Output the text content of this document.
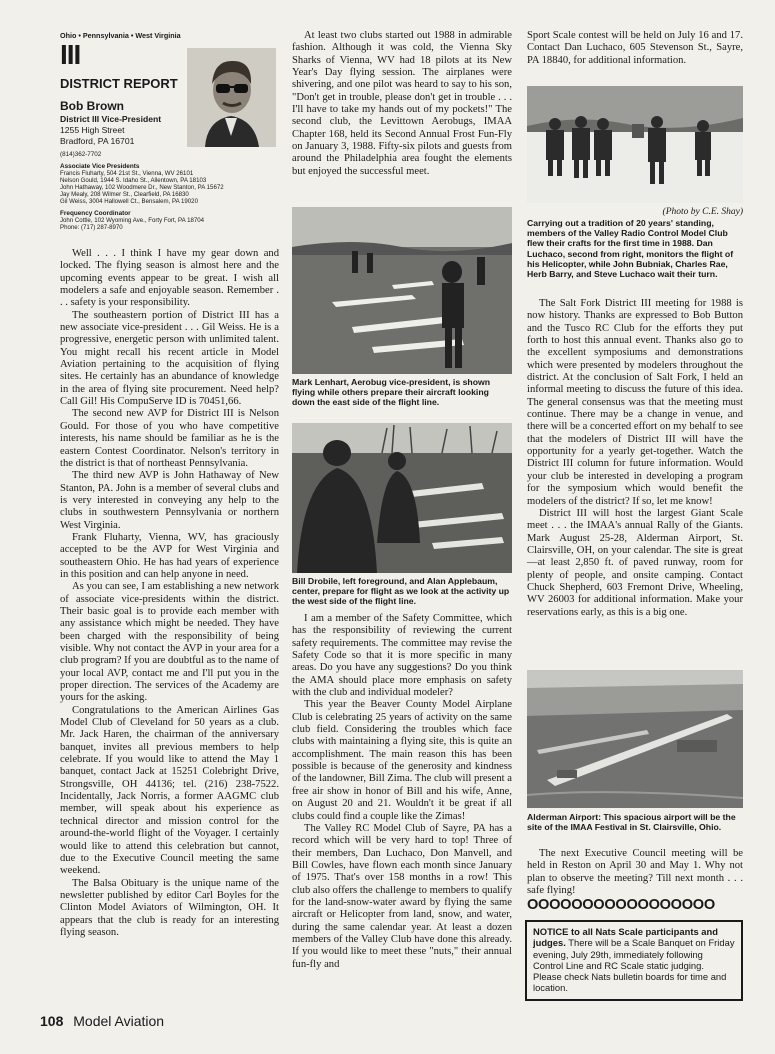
Ohio • Pennsylvania • West Virginia
III
DISTRICT REPORT
Bob Brown
District III Vice-President
1255 High Street
Bradford, PA 16701
(814)362-7702
Associate Vice Presidents
Francis Fluharty, 504 21st St., Vienna, WV 26101
Nelson Gould, 1944 S. Idaho St., Allentown, PA 18103
John Hathaway, 102 Woodmere Dr., New Stanton, PA 15672
Jay Mealy, 208 Wilmer St., Clearfield, PA 16830
Gil Weiss, 3004 Hallowell Ct., Bensalem, PA 19020
Frequency Coordinator
John Cottle, 102 Wyoming Ave., Forty Fort, PA 18704
Phone: (717) 287-8970

Well . . . I think I have my gear down and locked. The flying season is almost here and the upcoming events appear to be great. I wish all modelers a safe and enjoyable season. Remember . . . safety is your responsibility.

The southeastern portion of District III has a new associate vice-president . . . Gil Weiss. He is a progressive, energetic person with unlimited talent. You might recall his recent article in Model Aviation pertaining to the acquisition of flying sites. He certainly has an abundance of knowledge in the area of flying site procurement. Need help? Call Gil! His CompuServe ID is 70451,66.

The second new AVP for District III is Nelson Gould. For those of you who have competitive interests, his name should be familiar as he is the eastern Contest Coordinator. Nelson's territory in the district is that of northeast Pennsylvania.

The third new AVP is John Hathaway of New Stanton, PA. John is a member of several clubs and is very interested in conveying any help to the clubs in southwestern Pennsylvania or northern West Virginia.

Frank Fluharty, Vienna, WV, has graciously accepted to be the AVP for West Virginia and southeastern Ohio. He has had years of experience in this position and can help anyone in need.

As you can see, I am establishing a new network of associate vice-presidents within the district. Their basic goal is to provide each member with any assistance which might be needed. They have been charged with the responsibility of being visible. Why not contact the AVP in your area for a club program? If you are doubtful as to the name of your local AVP, contact me and I'll put you in the proper direction. The services of the Academy are yours for the asking.

Congratulations to the American Airlines Gas Model Club of Cleveland for 50 years as a club. Mr. Jack Haren, the chairman of the anniversary banquet, invites all previous members to help celebrate. If you would like to attend the May 1 banquet, contact Jack at 15251 Colebright Drive, Strongsville, OH 44136; tel. (216) 238-7522. Incidentally, Jack Norris, a former AAGMC club member, will speak about his experience as technical director and mission control for the around-the-world flight of the Voyager. I certainly would like to attend this celebration but cannot, due to the Executive Council meeting the same weekend.

The Balsa Obituary is the unique name of the newsletter published by editor Carl Boyles for the Clinton Model Aviators of Wilmington, OH. It appears that the club is ready for an interesting flying season.

108 Model Aviation

At least two clubs started out 1988 in admirable fashion. Although it was cold, the Vienna Sky Sharks of Vienna, WV had 18 pilots at its New Year's Day flying session. The airplanes were shivering, and one pilot was heard to say to his son, "Don't get in trouble, please don't get in trouble . . . I'll have to take my hands out of my pockets!" The second club, the Levittown Aerobugs, IMAA Chapter 168, held its Second Annual Frost Fun-Fly on January 3, 1988. Fifty-six pilots and guests from around the Philadelphia area fought the elements but enjoyed the successful meet.

Mark Lenhart, Aerobug vice-president, is shown flying while others prepare their aircraft looking down the east side of the flight line.

Bill Drobile, left foreground, and Alan Applebaum, center, prepare for flight as we look at the activity up the west side of the flight line.

I am a member of the Safety Committee, which has the responsibility of reviewing the current safety requirements. The committee may revise the Safety Code so that it is more specific in many areas. Do you have any suggestions? Do you think the AMA should place more emphasis on safety with the club and individual modeler?

This year the Beaver County Model Airplane Club is celebrating 25 years of activity on the same club field. Considering the troubles which face clubs with maintaining a flying site, this is quite an accomplishment. The main reason this has been possible is because of the generosity and kindness of the landowner, Bill Zima. The club will present a free air show in honor of Bill and his wife, Anne, on August 20 and 21. Wouldn't it be great if all clubs could find a couple like the Zimas!

The Valley RC Model Club of Sayre, PA has a record which will be very hard to top! Three of their members, Dan Luchaco, Don Manvell, and Bill Cowles, have flown each month since January of 1975. That's over 158 months in a row! This club also offers the challenge to members to qualify for the land-snow-water award by flying the same aircraft or Helicopter from land, snow, and water, during the same calendar year. At least a dozen members of the Valley Club have done this already. If you would like to meet these "nuts," their annual fun-fly and

Sport Scale contest will be held on July 16 and 17. Contact Dan Luchaco, 605 Stevenson St., Sayre, PA 18840, for additional information.

(Photo by C.E. Shay)

Carrying out a tradition of 20 years' standing, members of the Valley Radio Control Model Club flew their crafts for the first time in 1988. Dan Luchaco, second from right, monitors the flight of his Helicopter, while John Bubniak, Charles Rae, Herb Barry, and Steve Luchaco wait their turn.

The Salt Fork District III meeting for 1988 is now history. Thanks are expressed to Bob Button and the Tusco RC Club for the efforts they put forth to host this annual event. Thanks also go to the excellent symposiums and demonstrations which were presented by modelers throughout the district. At the conclusion of Salt Fork, I held an informal meeting to discuss the future of this idea. The general consensus was that the meeting must continue. There may be a change in venue, and there will be a concerted effort on my behalf to see that the modelers of District III will have the opportunity for a yearly get-together. Watch the District III column for future information. Would your club be interested in developing a program for the symposium which would benefit the modelers of the district? If so, let me know!

District III will host the largest Giant Scale meet . . . the IMAA's annual Rally of the Giants. Mark August 25-28, Alderman Airport, St. Clairsville, OH, on your calendar. The site is great—at least 2,850 ft. of paved runway, room for plenty of people, and onsite camping. Contact Chuck Shepherd, 603 Fremont Drive, Wheeling, WV 26003 for additional information. Make your reservations early, as this is a big one.

Alderman Airport: This spacious airport will be the site of the IMAA Festival in St. Clairsville, Ohio.

The next Executive Council meeting will be held in Reston on April 30 and May 1. Why not plan to observe the meeting? Till next month . . . safe flying!

OOOOOOOOOOOOOOOOO
NOTICE to all Nats Scale participants and judges. There will be a Scale Banquet on Friday evening, July 29th, immediately following Control Line and RC Scale static judging. Please check Nats bulletin boards for time and location.
